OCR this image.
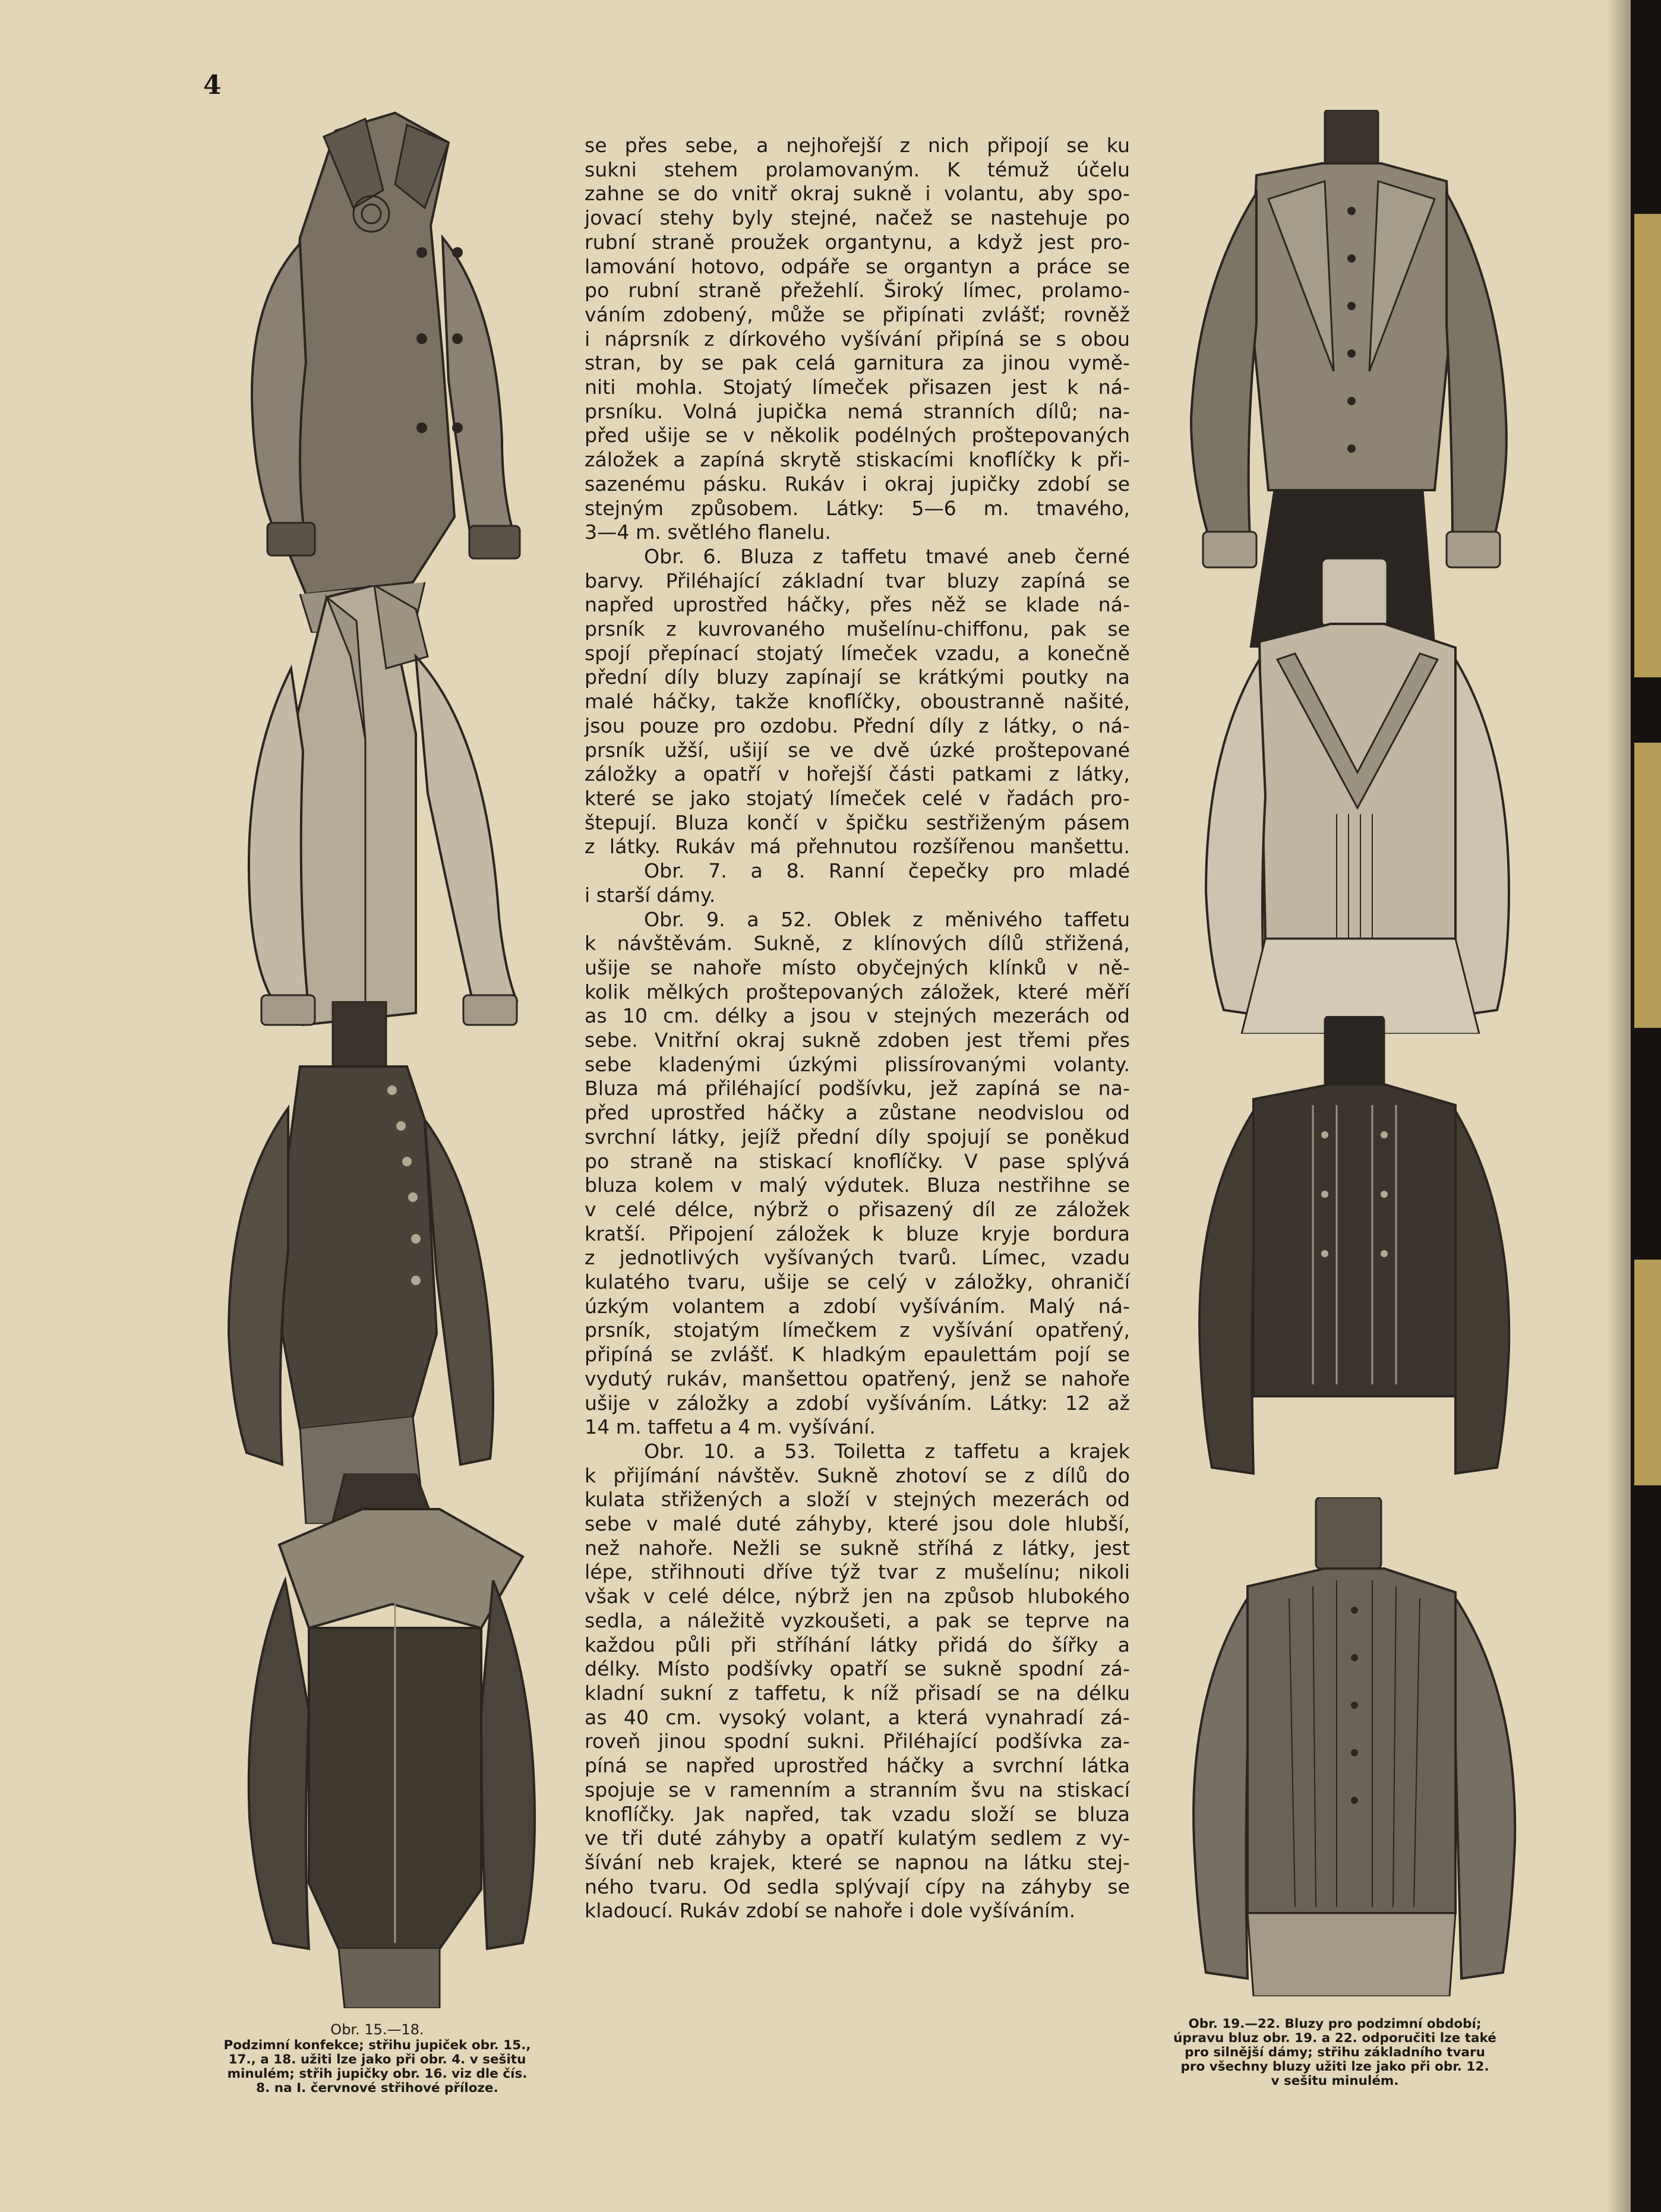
4
Obr. 15.—18.
Podzimní konfekce; střihu jupiček obr. 15.,
17., a 18. užiti lze jako při obr. 4. v sešitu
minulém; střih jupičky obr. 16. viz dle čís.
8. na I. červnové střihové příloze.
se přes sebe, a nejhořejší z nich připojí se ku
sukni stehem prolamovaným. K témuž účelu
zahne se do vnitř okraj sukně i volantu, aby spo-
jovací stehy byly stejné, načež se nastehuje po
rubní straně proužek organtynu, a když jest pro-
lamování hotovo, odpáře se organtyn a práce se
po rubní straně přežehlí. Široký límec, prolamo-
váním zdobený, může se připínati zvlášť; rovněž
i náprsník z dírkového vyšívání připíná se s obou
stran, by se pak celá garnitura za jinou vymě-
niti mohla. Stojatý límeček přisazen jest k ná-
prsníku. Volná jupička nemá stranních dílů; na-
před ušije se v několik podélných proštepovaných
záložek a zapíná skrytě stiskacími knoflíčky k při-
sazenému pásku. Rukáv i okraj jupičky zdobí se
stejným způsobem. Látky: 5—6 m. tmavého,
3—4 m. světlého flanelu.
Obr. 6. Bluza z taffetu tmavé aneb černé
barvy. Přiléhající základní tvar bluzy zapíná se
napřed uprostřed háčky, přes něž se klade ná-
prsník z kuvrovaného mušelínu-chiffonu, pak se
spojí přepínací stojatý límeček vzadu, a konečně
přední díly bluzy zapínají se krátkými poutky na
malé háčky, takže knoflíčky, oboustranně našité,
jsou pouze pro ozdobu. Přední díly z látky, o ná-
prsník užší, ušijí se ve dvě úzké proštepované
záložky a opatří v hořejší části patkami z látky,
které se jako stojatý límeček celé v řadách pro-
štepují. Bluza končí v špičku sestřiženým pásem
z látky. Rukáv má přehnutou rozšířenou manšettu.
Obr. 7. a 8. Ranní čepečky pro mladé
i starší dámy.
Obr. 9. a 52. Oblek z měnivého taffetu
k návštěvám. Sukně, z klínových dílů střižená,
ušije se nahoře místo obyčejných klínků v ně-
kolik mělkých proštepovaných záložek, které měří
as 10 cm. délky a jsou v stejných mezerách od
sebe. Vnitřní okraj sukně zdoben jest třemi přes
sebe kladenými úzkými plissírovanými volanty.
Bluza má přiléhající podšívku, jež zapíná se na-
před uprostřed háčky a zůstane neodvislou od
svrchní látky, jejíž přední díly spojují se poněkud
po straně na stiskací knoflíčky. V pase splývá
bluza kolem v malý výdutek. Bluza nestřihne se
v celé délce, nýbrž o přisazený díl ze záložek
kratší. Připojení záložek k bluze kryje bordura
z jednotlivých vyšívaných tvarů. Límec, vzadu
kulatého tvaru, ušije se celý v záložky, ohraničí
úzkým volantem a zdobí vyšíváním. Malý ná-
prsník, stojatým límečkem z vyšívání opatřený,
připíná se zvlášť. K hladkým epaulettám pojí se
vydutý rukáv, manšettou opatřený, jenž se nahoře
ušije v záložky a zdobí vyšíváním. Látky: 12 až
14 m. taffetu a 4 m. vyšívání.
Obr. 10. a 53. Toiletta z taffetu a krajek
k přijímání návštěv. Sukně zhotoví se z dílů do
kulata střižených a složí v stejných mezerách od
sebe v malé duté záhyby, které jsou dole hlubší,
než nahoře. Nežli se sukně stříhá z látky, jest
lépe, střihnouti dříve týž tvar z mušelínu; nikoli
však v celé délce, nýbrž jen na způsob hlubokého
sedla, a náležitě vyzkoušeti, a pak se teprve na
každou půli při stříhání látky přidá do šířky a
délky. Místo podšívky opatří se sukně spodní zá-
kladní sukní z taffetu, k níž přisadí se na délku
as 40 cm. vysoký volant, a která vynahradí zá-
roveň jinou spodní sukni. Přiléhající podšívka za-
píná se napřed uprostřed háčky a svrchní látka
spojuje se v ramenním a stranním švu na stiskací
knoflíčky. Jak napřed, tak vzadu složí se bluza
ve tři duté záhyby a opatří kulatým sedlem z vy-
šívání neb krajek, které se napnou na látku stej-
ného tvaru. Od sedla splývají cípy na záhyby se
kladoucí. Rukáv zdobí se nahoře i dole vyšíváním.
Obr. 19.—22. Bluzy pro podzimní období;
úpravu bluz obr. 19. a 22. odporučiti lze také
pro silnější dámy; střihu základního tvaru
pro všechny bluzy užiti lze jako při obr. 12.
v sešitu minulém.
